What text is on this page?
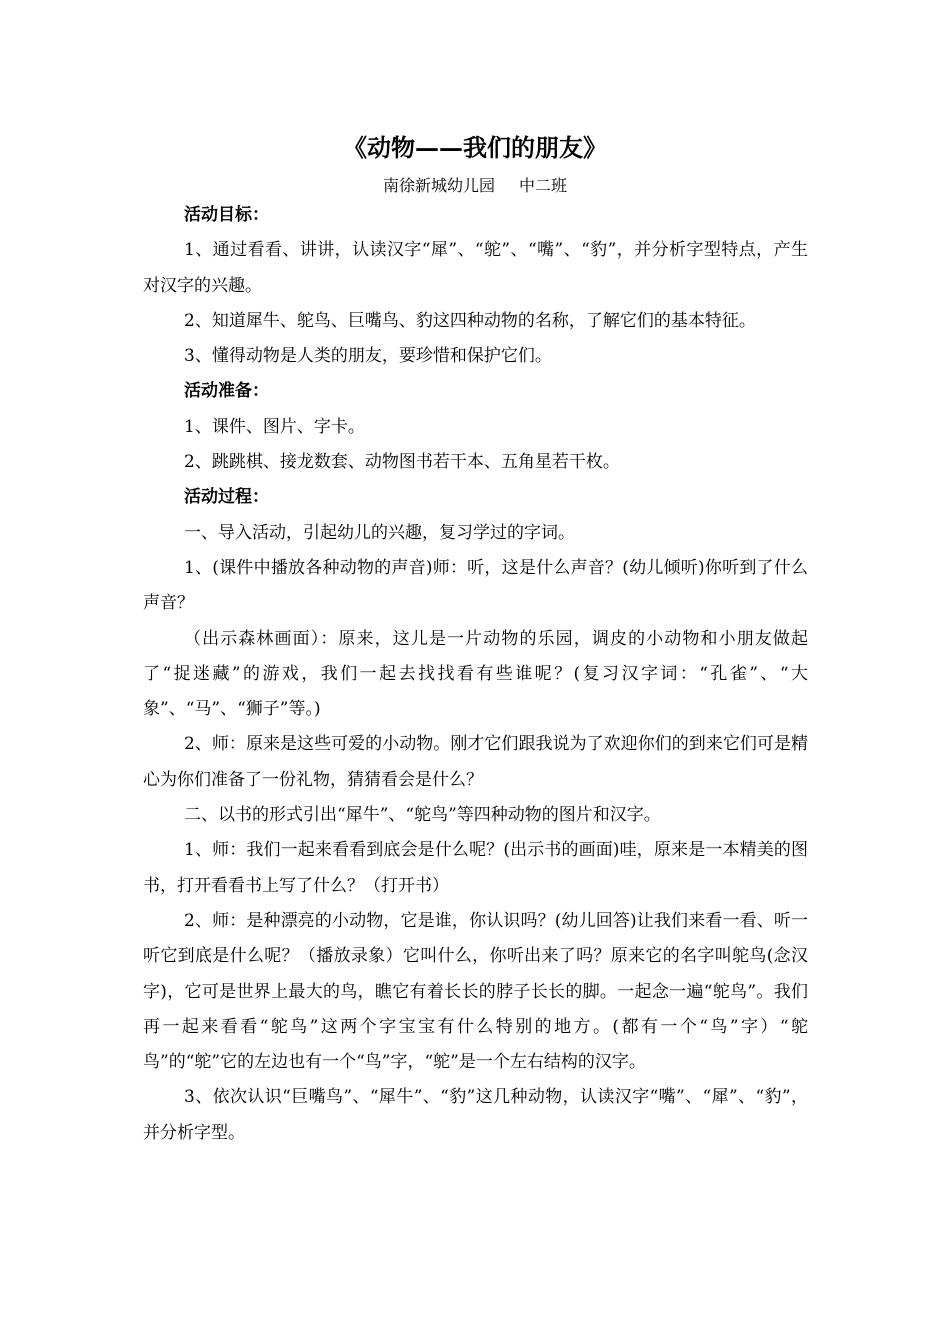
《动物——我们的朋友》
南徐新城幼儿园 中二班

活动目标：

1、通过看看、讲讲，认读汉字“犀”、“鸵”、“嘴”、“豹”，并分析字型特点，产生对汉字的兴趣。

2、知道犀牛、鸵鸟、巨嘴鸟、豹这四种动物的名称，了解它们的基本特征。

3、懂得动物是人类的朋友，要珍惜和保护它们。

活动准备：

1、课件、图片、字卡。

2、跳跳棋、接龙数套、动物图书若干本、五角星若干枚。

活动过程：

一、导入活动，引起幼儿的兴趣，复习学过的字词。

1、(课件中播放各种动物的声音)师：听，这是什么声音？(幼儿倾听)你听到了什么声音？

（出示森林画面）：原来，这儿是一片动物的乐园，调皮的小动物和小朋友做起了“捉迷藏”的游戏，我们一起去找找看有些谁呢？(复习汉字词：“孔雀”、“大象”、“马”、“狮子”等。)

2、师：原来是这些可爱的小动物。刚才它们跟我说为了欢迎你们的到来它们可是精心为你们准备了一份礼物，猜猜看会是什么？

二、以书的形式引出“犀牛”、“鸵鸟”等四种动物的图片和汉字。

1、师：我们一起来看看到底会是什么呢？(出示书的画面)哇，原来是一本精美的图书，打开看看书上写了什么？（打开书）

2、师：是种漂亮的小动物，它是谁，你认识吗？(幼儿回答)让我们来看一看、听一听它到底是什么呢？（播放录象）它叫什么，你听出来了吗？原来它的名字叫鸵鸟(念汉字)，它可是世界上最大的鸟，瞧它有着长长的脖子长长的脚。一起念一遍“鸵鸟”。我们再一起来看看“鸵鸟”这两个字宝宝有什么特别的地方。(都有一个“鸟”字）“鸵鸟”的“鸵”它的左边也有一个“鸟”字，“鸵”是一个左右结构的汉字。

3、依次认识“巨嘴鸟”、“犀牛”、“豹”这几种动物，认读汉字“嘴”、“犀”、“豹”，并分析字型。
